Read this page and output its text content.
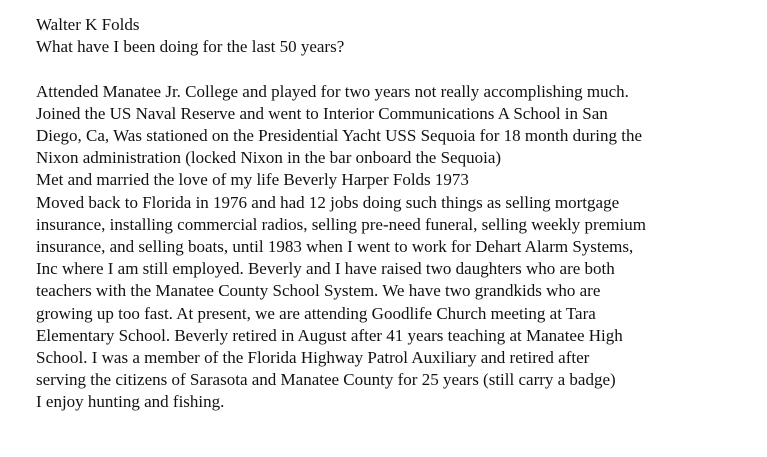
Walter K Folds
What have I been doing for the last 50 years?
Attended Manatee Jr. College and played for two years not really accomplishing much.
Joined the US Naval Reserve and went to Interior Communications A School in San
Diego, Ca, Was stationed on the Presidential Yacht USS Sequoia for 18 month during the
Nixon administration (locked Nixon in the bar onboard the Sequoia)
Met and married the love of my life Beverly Harper Folds 1973
Moved back to Florida in 1976 and had 12 jobs doing such things as selling mortgage
insurance, installing commercial radios, selling pre-need funeral, selling weekly premium
insurance, and selling boats, until 1983 when I went to work for Dehart Alarm Systems,
Inc where I am still employed. Beverly and I have raised two daughters who are both
teachers with the Manatee County School System. We have two grandkids who are
growing up too fast. At present, we are attending Goodlife Church meeting at Tara
Elementary School. Beverly retired in August after 41 years teaching at Manatee High
School. I was a member of the Florida Highway Patrol Auxiliary and retired after
serving the citizens of Sarasota and Manatee County for 25 years (still carry a badge)
I enjoy hunting and fishing.
